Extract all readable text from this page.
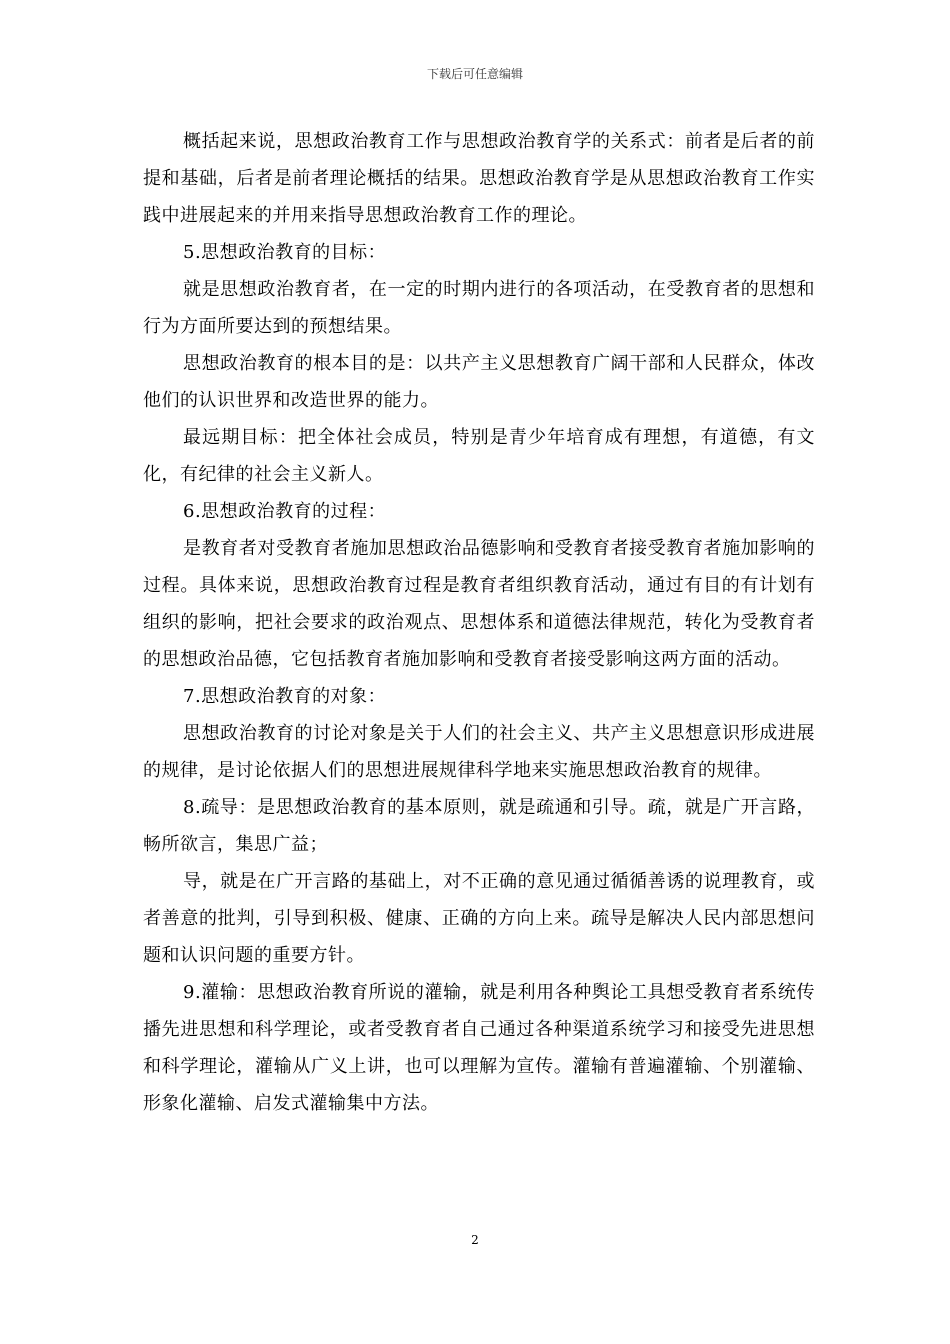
下载后可任意编辑

概括起来说，思想政治教育工作与思想政治教育学的关系式：前者是后者的前提和基础，后者是前者理论概括的结果。思想政治教育学是从思想政治教育工作实践中进展起来的并用来指导思想政治教育工作的理论。

5.思想政治教育的目标：

就是思想政治教育者，在一定的时期内进行的各项活动，在受教育者的思想和行为方面所要达到的预想结果。

思想政治教育的根本目的是：以共产主义思想教育广阔干部和人民群众，体改他们的认识世界和改造世界的能力。

最远期目标：把全体社会成员，特别是青少年培育成有理想，有道德，有文化，有纪律的社会主义新人。

6.思想政治教育的过程：

是教育者对受教育者施加思想政治品德影响和受教育者接受教育者施加影响的过程。具体来说，思想政治教育过程是教育者组织教育活动，通过有目的有计划有组织的影响，把社会要求的政治观点、思想体系和道德法律规范，转化为受教育者的思想政治品德，它包括教育者施加影响和受教育者接受影响这两方面的活动。

7.思想政治教育的对象：

思想政治教育的讨论对象是关于人们的社会主义、共产主义思想意识形成进展的规律，是讨论依据人们的思想进展规律科学地来实施思想政治教育的规律。

8.疏导：是思想政治教育的基本原则，就是疏通和引导。疏，就是广开言路，畅所欲言，集思广益；

导，就是在广开言路的基础上，对不正确的意见通过循循善诱的说理教育，或者善意的批判，引导到积极、健康、正确的方向上来。疏导是解决人民内部思想问题和认识问题的重要方针。

9.灌输：思想政治教育所说的灌输，就是利用各种舆论工具想受教育者系统传播先进思想和科学理论，或者受教育者自己通过各种渠道系统学习和接受先进思想和科学理论，灌输从广义上讲，也可以理解为宣传。灌输有普遍灌输、个别灌输、形象化灌输、启发式灌输集中方法。

2
